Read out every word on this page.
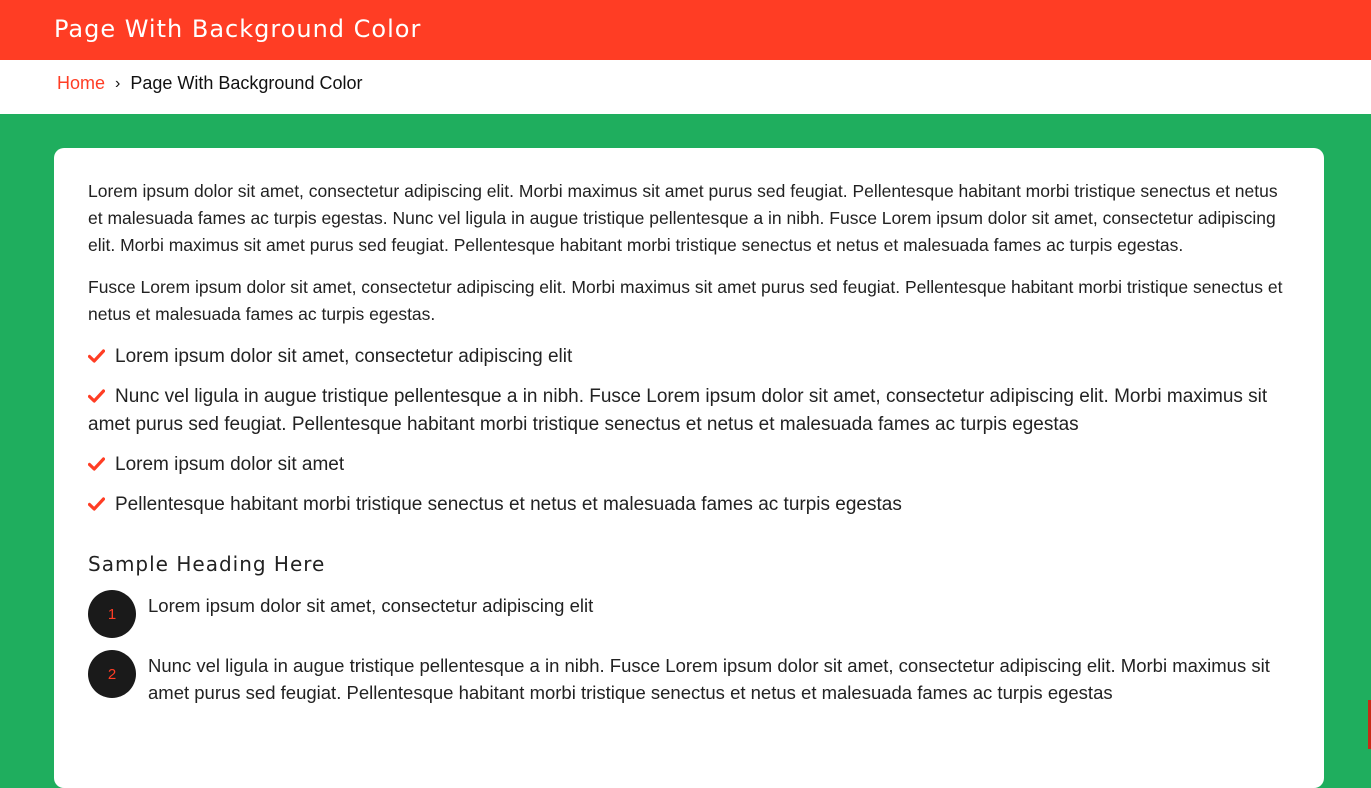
Page With Background Color
Home › Page With Background Color

Lorem ipsum dolor sit amet, consectetur adipiscing elit. Morbi maximus sit amet purus sed feugiat. Pellentesque habitant morbi tristique senectus et netus et malesuada fames ac turpis egestas. Nunc vel ligula in augue tristique pellentesque a in nibh. Fusce Lorem ipsum dolor sit amet, consectetur adipiscing elit. Morbi maximus sit amet purus sed feugiat. Pellentesque habitant morbi tristique senectus et netus et malesuada fames ac turpis egestas.

Fusce Lorem ipsum dolor sit amet, consectetur adipiscing elit. Morbi maximus sit amet purus sed feugiat. Pellentesque habitant morbi tristique senectus et netus et malesuada fames ac turpis egestas.

Lorem ipsum dolor sit amet, consectetur adipiscing elit
Nunc vel ligula in augue tristique pellentesque a in nibh. Fusce Lorem ipsum dolor sit amet, consectetur adipiscing elit. Morbi maximus sit amet purus sed feugiat. Pellentesque habitant morbi tristique senectus et netus et malesuada fames ac turpis egestas
Lorem ipsum dolor sit amet
Pellentesque habitant morbi tristique senectus et netus et malesuada fames ac turpis egestas
Sample Heading Here
1	Lorem ipsum dolor sit amet, consectetur adipiscing elit
2	Nunc vel ligula in augue tristique pellentesque a in nibh. Fusce Lorem ipsum dolor sit amet, consectetur adipiscing elit. Morbi maximus sit amet purus sed feugiat. Pellentesque habitant morbi tristique senectus et netus et malesuada fames ac turpis egestas
